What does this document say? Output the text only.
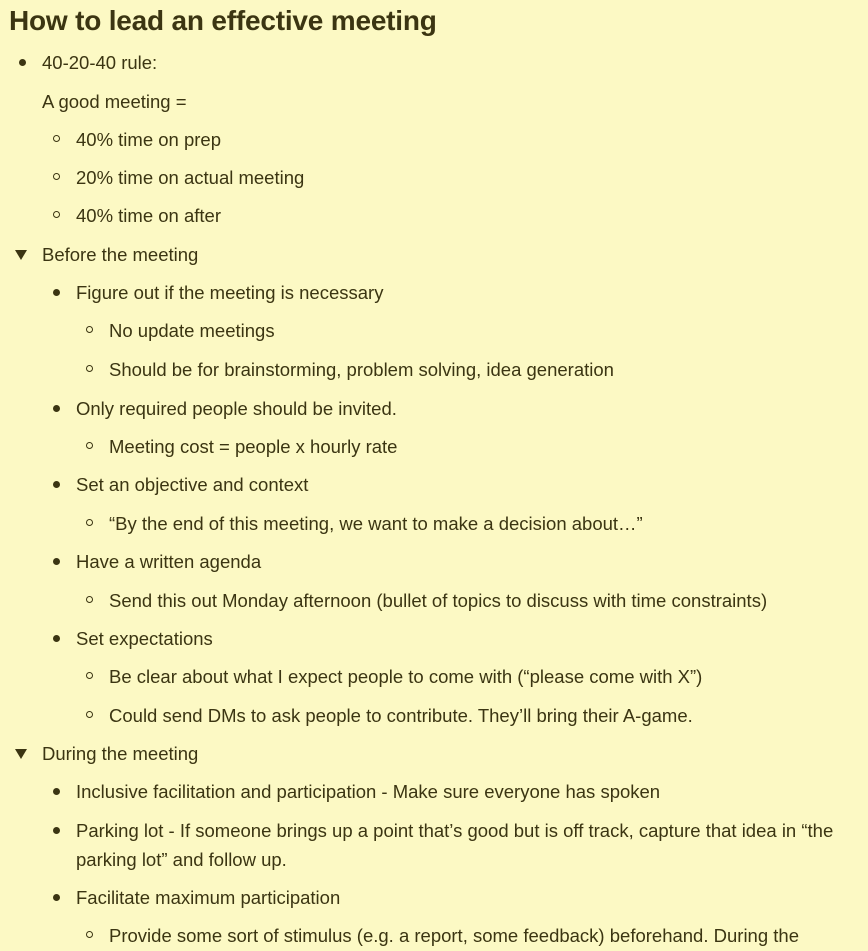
How to lead an effective meeting
40-20-40 rule:
A good meeting =
40% time on prep
20% time on actual meeting
40% time on after
Before the meeting
Figure out if the meeting is necessary
No update meetings
Should be for brainstorming, problem solving, idea generation
Only required people should be invited.
Meeting cost = people x hourly rate
Set an objective and context
“By the end of this meeting, we want to make a decision about…”
Have a written agenda
Send this out Monday afternoon (bullet of topics to discuss with time constraints)
Set expectations
Be clear about what I expect people to come with (“please come with X”)
Could send DMs to ask people to contribute. They’ll bring their A-game.
During the meeting
Inclusive facilitation and participation - Make sure everyone has spoken
Parking lot - If someone brings up a point that’s good but is off track, capture that idea in “the parking lot” and follow up.
Facilitate maximum participation
Provide some sort of stimulus (e.g. a report, some feedback) beforehand. During the
